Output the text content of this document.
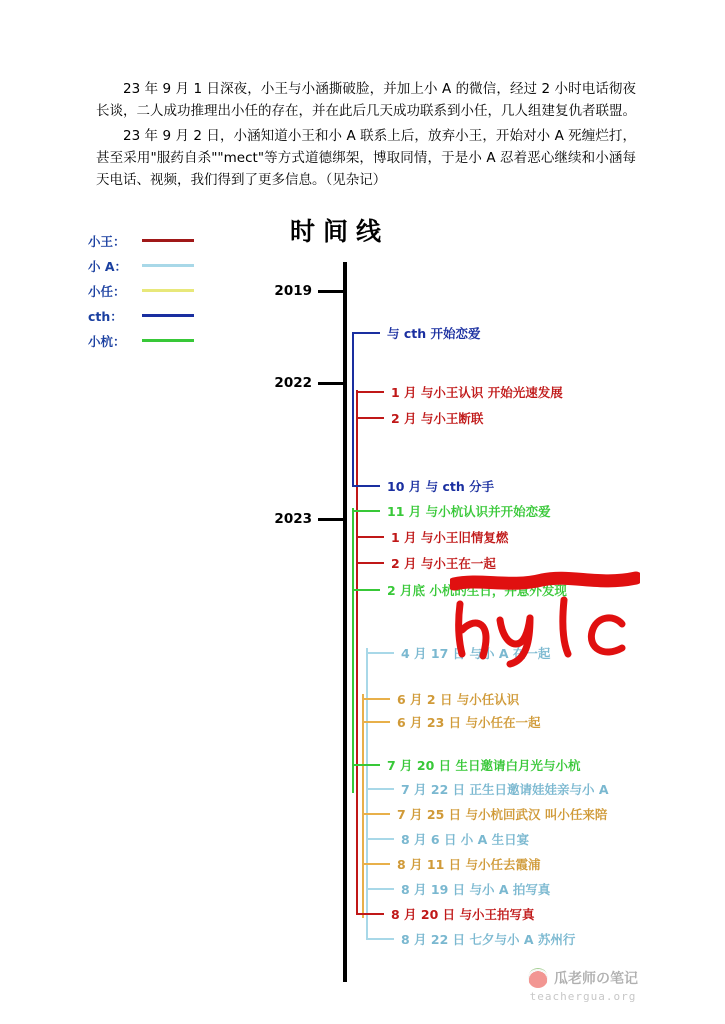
23 年 9 月 1 日深夜，小王与小涵撕破脸，并加上小 A 的微信，经过 2 小时电话彻夜长谈，二人成功推理出小任的存在，并在此后几天成功联系到小任，几人组建复仇者联盟。

23 年 9 月 2 日，小涵知道小王和小 A 联系上后，放弃小王，开始对小 A 死缠烂打，甚至采用"服药自杀""mect"等方式道德绑架，博取同情，于是小 A 忍着恶心继续和小涵每天电话、视频，我们得到了更多信息。（见杂记）

小王：
小 A：
小任：
cth：
小杭：
时间线
2019
2022
2023
与 cth 开始恋爱
1 月 与小王认识 开始光速发展
2 月 与小王断联
10 月 与 cth 分手
11 月 与小杭认识并开始恋爱
1 月 与小王旧情复燃
2 月 与小王在一起
2 月底 小杭的生日，并意外发现
4 月 17 日 与小 A 在一起
6 月 2 日 与小任认识
6 月 23 日 与小任在一起
7 月 20 日 生日邀请白月光与小杭
7 月 22 日 正生日邀请娃娃亲与小 A
7 月 25 日 与小杭回武汉 叫小任来陪
8 月 6 日 小 A 生日宴
8 月 11 日 与小任去霞浦
8 月 19 日 与小 A 拍写真
8 月 20 日 与小王拍写真
8 月 22 日 七夕与小 A 苏州行
瓜老师の笔记
teachergua.org
